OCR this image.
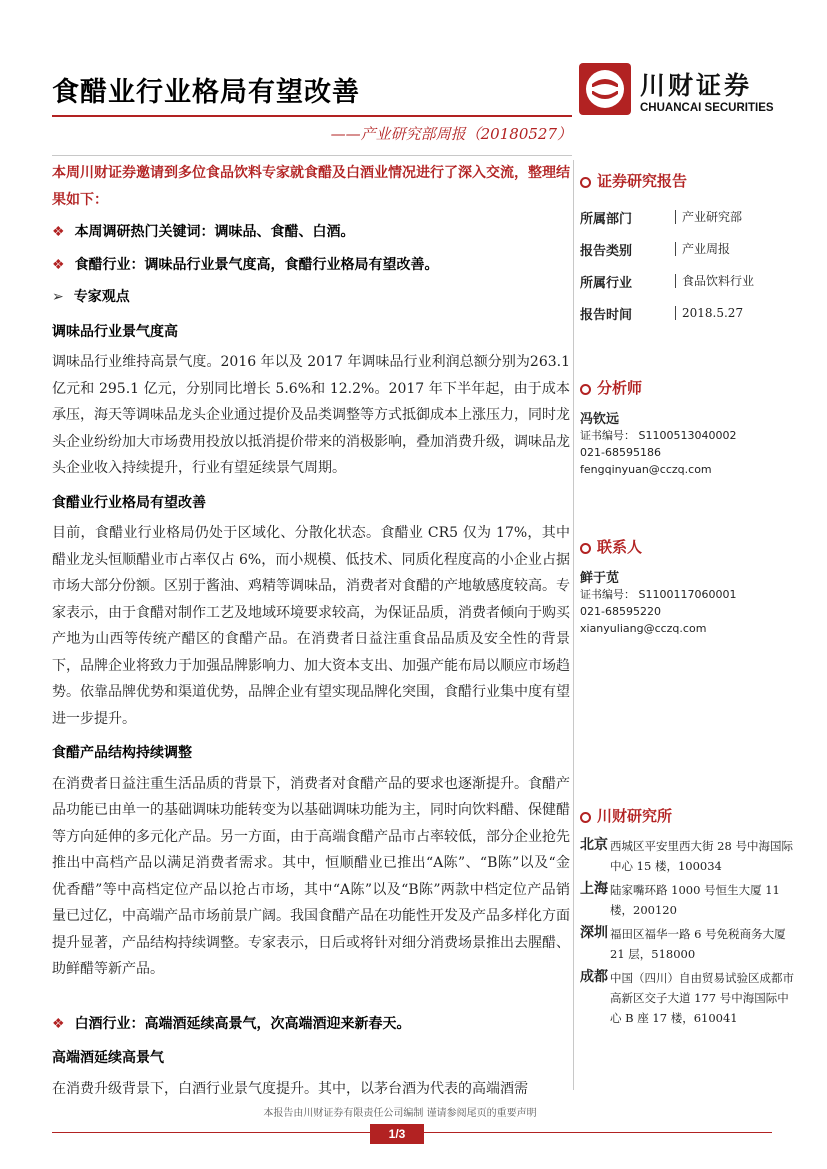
食醋业行业格局有望改善
——产业研究部周报（20180527）
川财证券
CHUANCAI SECURITIES

本周川财证券邀请到多位食品饮料专家就食醋及白酒业情况进行了深入交流，整理结果如下：

❖ 本周调研热门关键词：调味品、食醋、白酒。

❖ 食醋行业：调味品行业景气度高，食醋行业格局有望改善。

➢ 专家观点

调味品行业景气度高

调味品行业维持高景气度。2016 年以及 2017 年调味品行业利润总额分别为263.1 亿元和 295.1 亿元，分别同比增长 5.6%和 12.2%。2017 年下半年起，由于成本承压，海天等调味品龙头企业通过提价及品类调整等方式抵御成本上涨压力，同时龙头企业纷纷加大市场费用投放以抵消提价带来的消极影响，叠加消费升级，调味品龙头企业收入持续提升，行业有望延续景气周期。

食醋业行业格局有望改善

目前，食醋业行业格局仍处于区域化、分散化状态。食醋业 CR5 仅为 17%，其中醋业龙头恒顺醋业市占率仅占 6%，而小规模、低技术、同质化程度高的小企业占据市场大部分份额。区别于酱油、鸡精等调味品，消费者对食醋的产地敏感度较高。专家表示，由于食醋对制作工艺及地域环境要求较高，为保证品质，消费者倾向于购买产地为山西等传统产醋区的食醋产品。在消费者日益注重食品品质及安全性的背景下，品牌企业将致力于加强品牌影响力、加大资本支出、加强产能布局以顺应市场趋势。依靠品牌优势和渠道优势，品牌企业有望实现品牌化突围，食醋行业集中度有望进一步提升。

食醋产品结构持续调整

在消费者日益注重生活品质的背景下，消费者对食醋产品的要求也逐渐提升。食醋产品功能已由单一的基础调味功能转变为以基础调味功能为主，同时向饮料醋、保健醋等方向延伸的多元化产品。另一方面，由于高端食醋产品市占率较低，部分企业抢先推出中高档产品以满足消费者需求。其中，恒顺醋业已推出“A陈”、“B陈”以及“金优香醋”等中高档定位产品以抢占市场，其中“A陈”以及“B陈”两款中档定位产品销量已过亿，中高端产品市场前景广阔。我国食醋产品在功能性开发及产品多样化方面提升显著，产品结构持续调整。专家表示，日后或将针对细分消费场景推出去腥醋、助鲜醋等新产品。

❖ 白酒行业：高端酒延续高景气，次高端酒迎来新春天。

高端酒延续高景气

在消费升级背景下，白酒行业景气度提升。其中，以茅台酒为代表的高端酒需

证券研究报告
所属部门	产业研究部
报告类别	产业周报
所属行业	食品饮料行业
报告时间	2018.5.27
分析师
冯钦远
证书编号： S1100513040002
021-68595186
fengqinyuan@cczq.com
联系人
鲜于苋
证书编号： S1100117060001
021-68595220
xianyuliang@cczq.com
川财研究所
北京 西城区平安里西大街 28 号中海国际中心 15 楼，100034
上海 陆家嘴环路 1000 号恒生大厦 11 楼，200120
深圳 福田区福华一路 6 号免税商务大厦 21 层，518000
成都 中国（四川）自由贸易试验区成都市高新区交子大道 177 号中海国际中心 B 座 17 楼，610041
本报告由川财证券有限责任公司编制 谨请参阅尾页的重要声明
1/3
